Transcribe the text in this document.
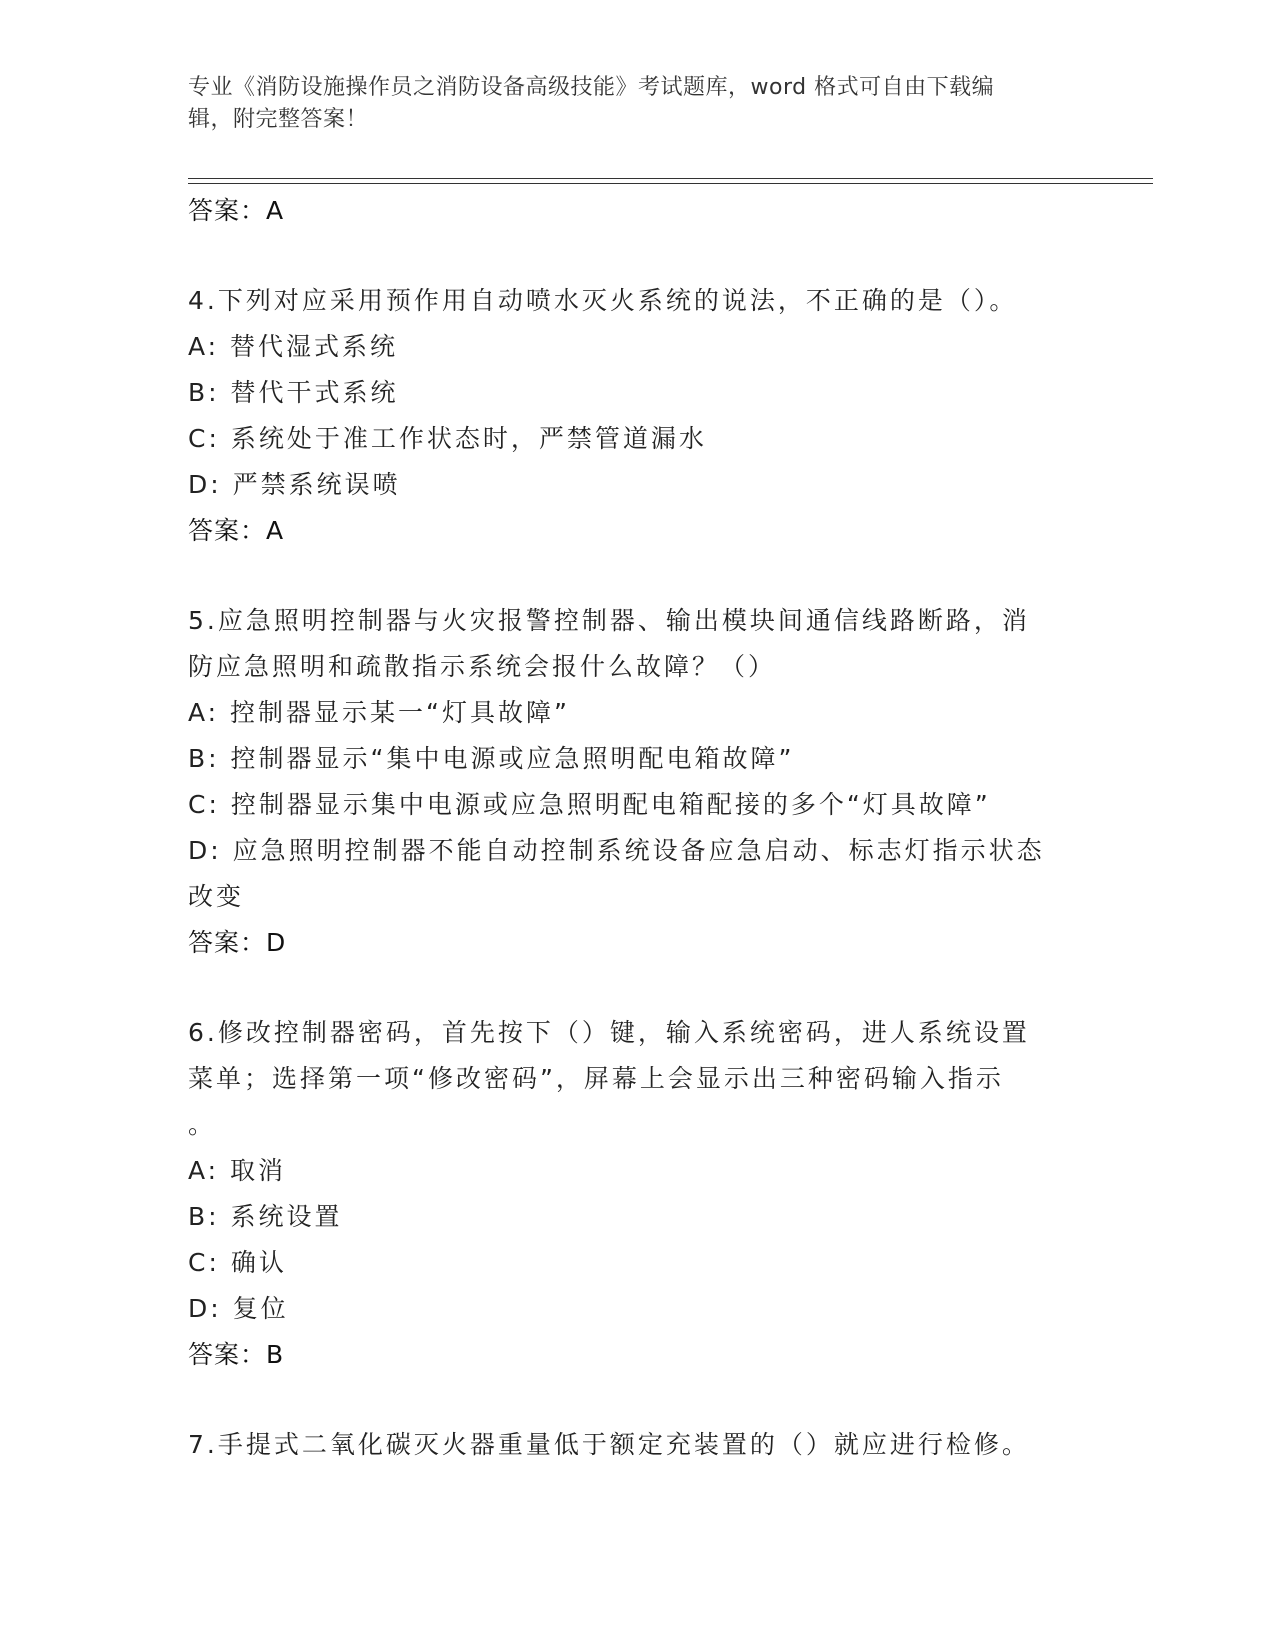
专业《消防设施操作员之消防设备高级技能》考试题库，word 格式可自由下载编
辑，附完整答案！
答案：A
4.下列对应采用预作用自动喷水灭火系统的说法，不正确的是（）。
A: 替代湿式系统
B: 替代干式系统
C: 系统处于准工作状态时，严禁管道漏水
D: 严禁系统误喷
答案：A
5.应急照明控制器与火灾报警控制器、输出模块间通信线路断路，消
防应急照明和疏散指示系统会报什么故障？（）
A: 控制器显示某一“灯具故障”
B: 控制器显示“集中电源或应急照明配电箱故障”
C: 控制器显示集中电源或应急照明配电箱配接的多个“灯具故障”
D: 应急照明控制器不能自动控制系统设备应急启动、标志灯指示状态
改变
答案：D
6.修改控制器密码，首先按下（）键，输入系统密码，进人系统设置
菜单；选择第一项“修改密码”，屏幕上会显示出三种密码输入指示
。
A: 取消
B: 系统设置
C: 确认
D: 复位
答案：B
7.手提式二氧化碳灭火器重量低于额定充装置的（）就应进行检修。
